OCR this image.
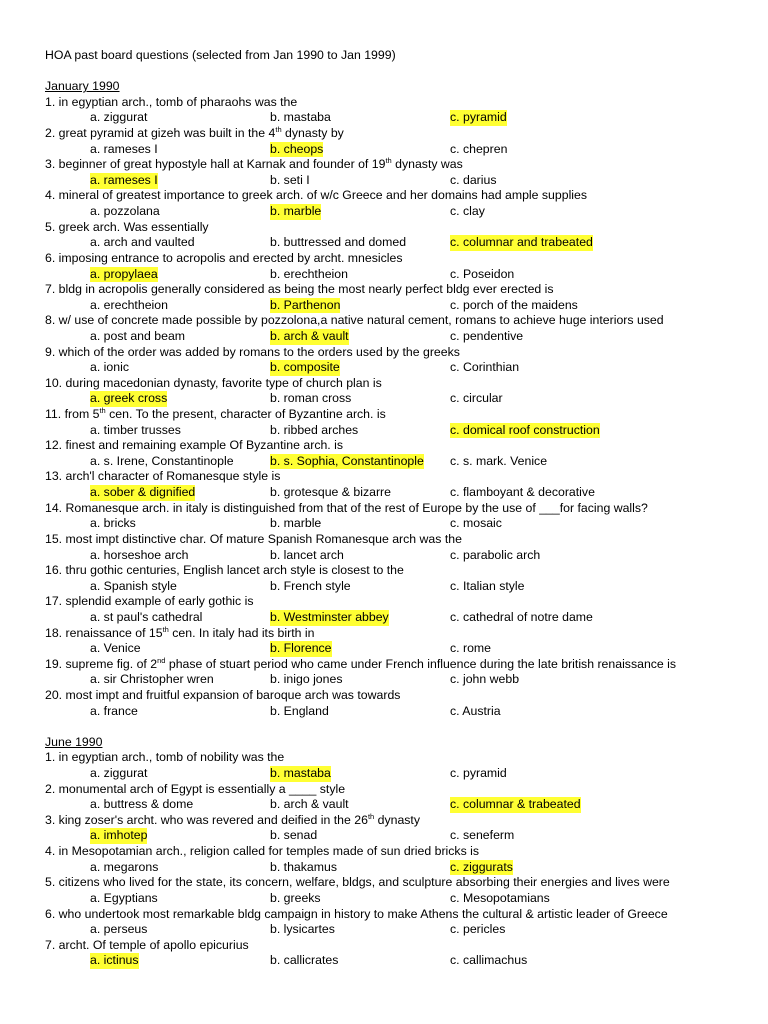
HOA past board questions (selected from Jan 1990 to Jan 1999)
January 1990
1. in egyptian arch., tomb of pharaohs was the
a. ziggurat	b. mastaba	c. pyramid
2. great pyramid at gizeh was built in the 4th dynasty by
a. rameses I	b. cheops	c. chepren
3. beginner of great hypostyle hall at Karnak and founder of 19th dynasty was
a. rameses I	b. seti I	c. darius
4. mineral of greatest importance to greek arch. of w/c Greece and her domains had ample supplies
a. pozzolana	b. marble	c. clay
5. greek arch. Was essentially
a. arch and vaulted	b. buttressed and domed	c. columnar and trabeated
6. imposing entrance to acropolis and erected by archt. mnesicles
a. propylaea	b. erechtheion	c. Poseidon
7. bldg in acropolis generally considered as being the most nearly perfect bldg ever erected is
a. erechtheion	b. Parthenon	c. porch of the maidens
8. w/ use of concrete made possible by pozzolona,a native natural cement, romans to achieve huge interiors used
a. post and beam	b. arch & vault	c. pendentive
9. which of the order was added by romans to the orders used by the greeks
a. ionic	b. composite	c. Corinthian
10. during macedonian dynasty, favorite type of church plan is
a. greek cross	b. roman cross	c. circular
11. from 5th cen. To the present, character of Byzantine arch. is
a. timber trusses	b. ribbed arches	c. domical roof construction
12. finest and remaining example Of Byzantine arch. is
a. s. Irene, Constantinople	b. s. Sophia, Constantinople c. s. mark. Venice
13. arch'l character of Romanesque style is
a. sober & dignified	b. grotesque & bizarre	c. flamboyant & decorative
14. Romanesque arch. in italy is distinguished from that of the rest of Europe by the use of ___for facing walls?
a. bricks	b. marble	c. mosaic
15. most impt distinctive char. Of mature Spanish Romanesque arch was the
a. horseshoe arch	b. lancet arch	c. parabolic arch
16. thru gothic centuries, English lancet arch style is closest to the
a. Spanish style	b. French style	c. Italian style
17. splendid example of early gothic is
a. st paul's cathedral	b. Westminster abbey	c. cathedral of notre dame
18. renaissance of 15th cen. In italy had its birth in
a. Venice	b. Florence	c. rome
19. supreme fig. of 2nd phase of stuart period who came under French influence during the late british renaissance is
a. sir Christopher wren	b. inigo jones	c. john webb
20. most impt and fruitful expansion of baroque arch was towards
a. france	b. England	c. Austria
June 1990
1. in egyptian arch., tomb of nobility was the
a. ziggurat	b. mastaba	c. pyramid
2. monumental arch of Egypt is essentially a ____ style
a. buttress & dome	b. arch & vault	c. columnar & trabeated
3. king zoser's archt. who was revered and deified in the 26th dynasty
a. imhotep	b. senad	c. seneferm
4. in Mesopotamian arch., religion called for temples made of sun dried bricks is
a. megarons	b. thakamus	c. ziggurats
5. citizens who lived for the state, its concern, welfare, bldgs, and sculpture absorbing their energies and lives were
a. Egyptians	b. greeks	c. Mesopotamians
6. who undertook most remarkable bldg campaign in history to make Athens the cultural & artistic leader of Greece
a. perseus	b. lysicartes	c. pericles
7. archt. Of temple of apollo epicurius
a. ictinus	b. callicrates	c. callimachus
